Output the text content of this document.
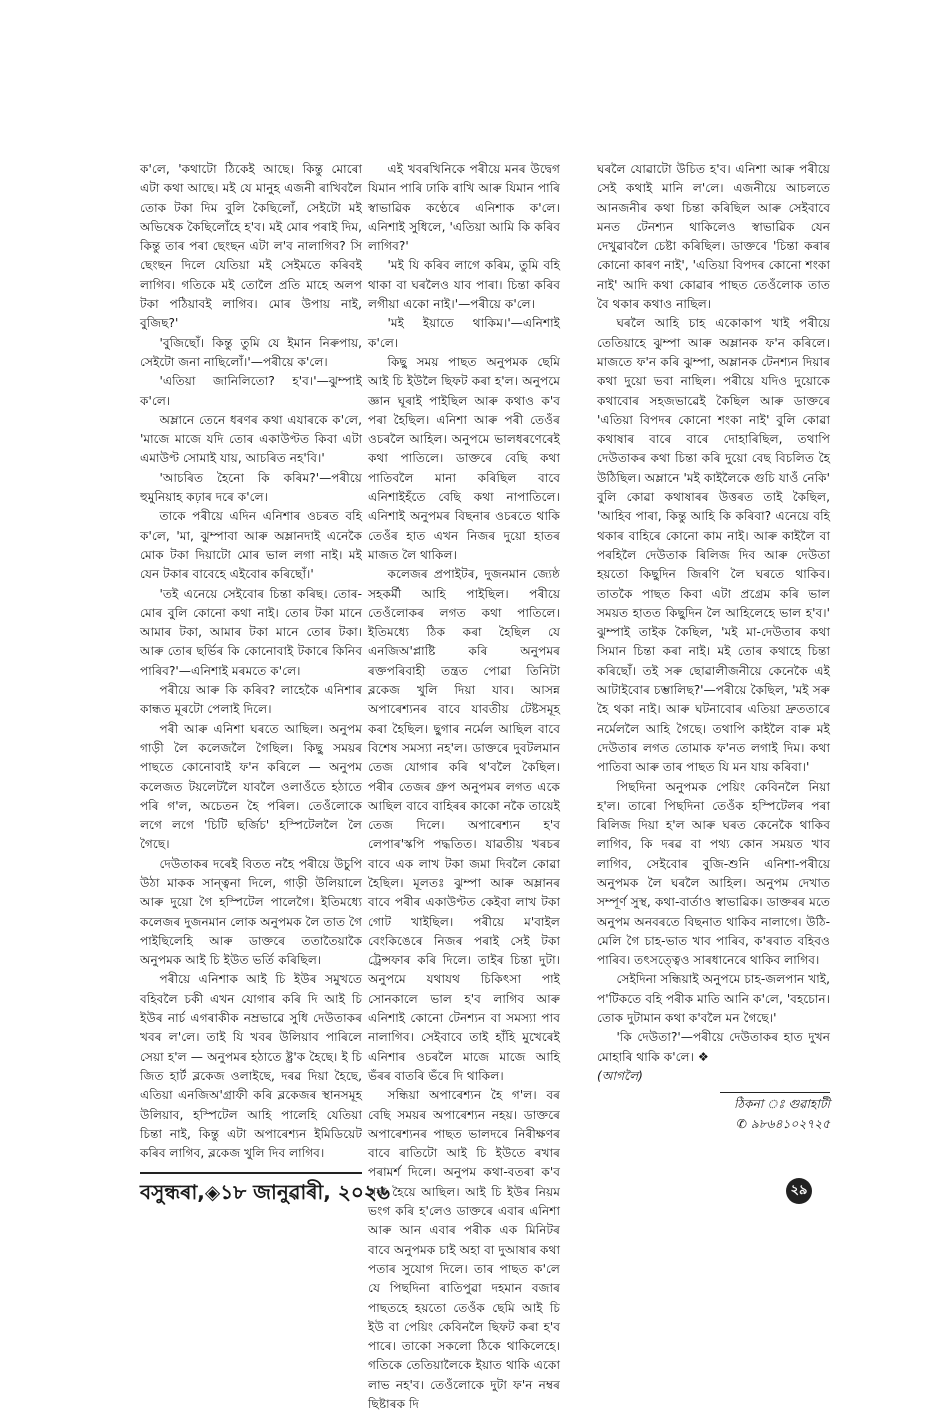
ক'লে, 'কথাটো ঠিকেই আছে। কিন্তু মোৰো এটা কথা আছে। মই যে মানুহ এজনী ৰাখিবলৈ তোক টকা দিম বুলি কৈছিলোঁ, সেইটো মই অভিষেক কৈছিলোঁহে হ'ব। মই মোৰ পৰাই দিম, কিন্তু তাৰ পৰা ছেংছন এটা ল'ব নালাগিব? সি ছেংছন দিলে যেতিয়া মই সেইমতে কৰিবই লাগিব। গতিকে মই তোলৈ প্ৰতি মাহে অলপ টকা পঠিয়াবই লাগিব। মোৰ উপায় নাই, বুজিছ?'

'বুজিছোঁ। কিন্তু তুমি যে ইমান নিৰুপায়, সেইটো জনা নাছিলোঁ।'—পৰীয়ে ক'লে।

'এতিয়া জানিলিতো? হ'ব।'—ঝুম্পাই ক'লে।

অম্লানে তেনে ধৰণৰ কথা এযাৰকে ক'লে, 'মাজে মাজে যদি তোৰ একাউণ্টত কিবা এটা এমাউণ্ট সোমাই যায়, আচৰিত নহ'বি।'

'আচৰিত হৈনো কি কৰিম?'—পৰীয়ে হুমুনিয়াহ কঢ়াৰ দৰে ক'লে।

তাকে পৰীয়ে এদিন এনিশাৰ ওচৰত বহি ক'লে, 'মা, ঝুম্পাবা আৰু অম্লানদাই এনেকৈ মোক টকা দিয়াটো মোৰ ভাল লগা নাই। মই যেন টকাৰ বাবেহে এইবোৰ কৰিছোঁ।'

'তই এনেয়ে সেইবোৰ চিন্তা কৰিছ। তোৰ-মোৰ বুলি কোনো কথা নাই। তোৰ টকা মানে আমাৰ টকা, আমাৰ টকা মানে তোৰ টকা। আৰু তোৰ ছৰ্ভিৰ কি কোনোবাই টকাৰে কিনিব পাৰিব?'—এনিশাই মৰমতে ক'লে।

পৰীয়ে আৰু কি কৰিব? লাহেকৈ এনিশাৰ কান্ধত মূৰটো পেলাই দিলে।

পৰী আৰু এনিশা ঘৰতে আছিল। অনুপম গাড়ী লৈ কলেজলৈ গৈছিল। কিছু সময়ৰ পাছতে কোনোবাই ফ'ন কৰিলে — অনুপম কলেজত টয়লেটলৈ যাবলৈ ওলাওঁতে হঠাতে পৰি গ'ল, অচেতন হৈ পৰিল। তেওঁলোকে লগে লগে 'চিটি ছৰ্জিচ' হস্পিটেললৈ লৈ গৈছে।

দেউতাকৰ দৰেই বিতত নহৈ পৰীয়ে উচুপি উঠা মাকক সান্ত্বনা দিলে, গাড়ী উলিয়ালে আৰু দুয়ো গৈ হস্পিটেল পালেগৈ। ইতিমধ্যে কলেজৰ দুজনমান লোক অনুপমক লৈ তাত গৈ পাইছিলেহি আৰু ডাক্তৰে ততাতৈয়াকৈ অনুপমক আই চি ইউত ভৰ্তি কৰিছিল।

পৰীয়ে এনিশাক আই চি ইউৰ সমুখতে বহিবলৈ চকী এখন যোগাৰ কৰি দি আই চি ইউৰ নাৰ্চ এগৰাকীক নম্ৰভাৱে সুধি দেউতাকৰ খবৰ ল'লে। তাই যি খবৰ উলিয়াব পাৰিলে সেয়া হ'ল — অনুপমৰ হঠাতে ষ্ট্ৰ'ক হৈছে। ই চি জিত হাৰ্ট ব্লকেজ ওলাইছে, দৰৱ দিয়া হৈছে, এতিয়া এনজিঅ'গ্ৰাফী কৰি ব্লকেজৰ স্থানসমূহ উলিয়াব, হস্পিটেল আহি পালেহি যেতিয়া চিন্তা নাই, কিন্তু এটা অপাৰেশ্যন ইমিডিয়েট কৰিব লাগিব, ব্লকেজ খুলি দিব লাগিব।

এই খবৰখিনিকে পৰীয়ে মনৰ উদ্বেগ যিমান পাৰি ঢাকি ৰাখি আৰু যিমান পাৰি স্বাভাৱিক কণ্ঠেৰে এনিশাক ক'লে। এনিশাই সুধিলে, 'এতিয়া আমি কি কৰিব লাগিব?'

'মই যি কৰিব লাগে কৰিম, তুমি বহি থাকা বা ঘৰলৈও যাব পাৰা। চিন্তা কৰিব লগীয়া একো নাই।'—পৰীয়ে ক'লে।

'মই ইয়াতে থাকিম।'—এনিশাই ক'লে।

কিছু সময় পাছত অনুপমক ছেমি আই চি ইউলৈ ছিফট কৰা হ'ল। অনুপমে জ্ঞান ঘূৰাই পাইছিল আৰু কথাও ক'ব পৰা হৈছিল। এনিশা আৰু পৰী তেওঁৰ ওচৰলৈ আহিল। অনুপমে ভালধৰণেৰেই কথা পাতিলে। ডাক্তৰে বেছি কথা পাতিবলৈ মানা কৰিছিল বাবে এনিশাইহঁতে বেছি কথা নাপাতিলে। এনিশাই অনুপমৰ বিছনাৰ ওচৰতে থাকি তেওঁৰ হাত এখন নিজৰ দুয়ো হাতৰ মাজত লৈ থাকিল।

কলেজৰ প্ৰপাইটৰ, দুজনমান জ্যেষ্ঠ সহকৰ্মী আহি পাইছিল। পৰীয়ে তেওঁলোকৰ লগত কথা পাতিলে। ইতিমধ্যে ঠিক কৰা হৈছিল যে এনজিঅ'প্লাষ্টি কৰি অনুপমৰ ৰক্তপৰিবাহী তন্ত্ৰত পোৱা তিনিটা ব্লকেজ খুলি দিয়া যাব। আসন্ন অপাৰেশ্যনৰ বাবে যাবতীয় টেষ্টসমূহ কৰা হৈছিল। ছুগাৰ নৰ্মেল আছিল বাবে বিশেষ সমস্যা নহ'ল। ডাক্তৰে দুবটলমান তেজ যোগাৰ কৰি থ'বলৈ কৈছিল। পৰীৰ তেজৰ গ্ৰুপ অনুপমৰ লগত একে আছিল বাবে বাহিৰৰ কাকো নকৈ তায়েই তেজ দিলে। অপাৰেশ্যন হ'ব লেপাৰ'স্কপি পদ্ধতিত। যাৱতীয় খৰচৰ বাবে এক লাখ টকা জমা দিবলৈ কোৱা হৈছিল। মূলতঃ ঝুম্পা আৰু অম্লানৰ বাবে পৰীৰ একাউণ্টত কেইবা লাখ টকা গোট খাইছিল। পৰীয়ে ম'বাইল বেংকিঙেৰে নিজৰ পৰাই সেই টকা ট্ৰেন্সফাৰ কৰি দিলে। তাইৰ চিন্তা দুটা। অনুপমে যথাযথ চিকিৎসা পাই সোনকালে ভাল হ'ব লাগিব আৰু এনিশাই কোনো টেনশ্যন বা সমস্যা পাব নালাগিব। সেইবাবে তাই হাঁহি মুখেৰেই এনিশাৰ ওচৰলৈ মাজে মাজে আহি ভঁৰৰ বাতৰি ভঁৰে দি থাকিল।

সন্ধিয়া অপাৰেশ্যন হৈ গ'ল। বৰ বেছি সময়ৰ অপাৰেশ্যন নহয়। ডাক্তৰে অপাৰেশ্যনৰ পাছত ভালদৰে নিৰীক্ষণৰ বাবে ৰাতিটো আই চি ইউতে ৰখাৰ পৰামৰ্শ দিলে। অনুপম কথা-বতৰা ক'ব পৰা হৈয়ে আছিল। আই চি ইউৰ নিয়ম ভংগ কৰি হ'লেও ডাক্তৰে এবাৰ এনিশা আৰু আন এবাৰ পৰীক এক মিনিটৰ বাবে অনুপমক চাই অহা বা দুআষাৰ কথা পতাৰ সুযোগ দিলে। তাৰ পাছত ক'লে যে পিছদিনা ৰাতিপুৱা দহমান বজাৰ পাছতহে হয়তো তেওঁক ছেমি আই চি ইউ বা পেয়িং কেবিনলৈ ছিফট কৰা হ'ব পাৰে। তাকো সকলো ঠিকে থাকিলেহে। গতিকে তেতিয়ালৈকে ইয়াত থাকি একো লাভ নহ'ব। তেওঁলোকে দুটা ফ'ন নম্বৰ ছিষ্টাৰক দি

ঘৰলৈ যোৱাটো উচিত হ'ব। এনিশা আৰু পৰীয়ে সেই কথাই মানি ল'লে। এজনীয়ে আচলতে আনজনীৰ কথা চিন্তা কৰিছিল আৰু সেইবাবে মনত টেনশ্যন থাকিলেও স্বাভাৱিক যেন দেখুৱাবলৈ চেষ্টা কৰিছিল। ডাক্তৰে 'চিন্তা কৰাৰ কোনো কাৰণ নাই', 'এতিয়া বিপদৰ কোনো শংকা নাই' আদি কথা কোৱাৰ পাছত তেওঁলোক তাত বৈ থকাৰ কথাও নাছিল।

ঘৰলৈ আহি চাহ একোকাপ খাই পৰীয়ে তেতিয়াহে ঝুম্পা আৰু অম্লানক ফ'ন কৰিলে। মাজতে ফ'ন কৰি ঝুম্পা, অম্লানক টেনশ্যন দিয়াৰ কথা দুয়ো ভবা নাছিল। পৰীয়ে যদিও দুয়োকে কথাবোৰ সহজভাৱেই কৈছিল আৰু ডাক্তৰে 'এতিয়া বিপদৰ কোনো শংকা নাই' বুলি কোৱা কথাষাৰ বাৰে বাৰে দোহাৰিছিল, তথাপি দেউতাকৰ কথা চিন্তা কৰি দুয়ো বেছ বিচলিত হৈ উঠিছিল। অম্লানে 'মই কাইলৈকে গুচি যাওঁ নেকি' বুলি কোৱা কথাষাৰৰ উত্তৰত তাই কৈছিল, 'আহিব পাৰা, কিন্তু আহি কি কৰিবা? এনেয়ে বহি থকাৰ বাহিৰে কোনো কাম নাই। আৰু কাইলৈ বা পৰহিলৈ দেউতাক ৰিলিজ দিব আৰু দেউতা হয়তো কিছুদিন জিৰণি লৈ ঘৰতে থাকিব। তাতকৈ পাছত কিবা এটা প্ৰগ্ৰেম কৰি ভাল সময়ত হাতত কিছুদিন লৈ আহিলেহে ভাল হ'ব।' ঝুম্পাই তাইক কৈছিল, 'মই মা-দেউতাৰ কথা সিমান চিন্তা কৰা নাই। মই তোৰ কথাহে চিন্তা কৰিছোঁ। তই সৰু ছোৱালীজনীয়ে কেনেকৈ এই আটাইবোৰ চম্ভালিছ?'—পৰীয়ে কৈছিল, 'মই সৰু হৈ থকা নাই। আৰু ঘটনাবোৰ এতিয়া দ্ৰুততাৰে নৰ্মেললৈ আহি গৈছে। তথাপি কাইলৈ বাৰু মই দেউতাৰ লগত তোমাক ফ'নত লগাই দিম। কথা পাতিবা আৰু তাৰ পাছত যি মন যায় কৰিবা।'

পিছদিনা অনুপমক পেয়িং কেবিনলৈ নিয়া হ'ল। তাৰো পিছদিনা তেওঁক হস্পিটেলৰ পৰা ৰিলিজ দিয়া হ'ল আৰু ঘৰত কেনেকৈ থাকিব লাগিব, কি দৰৱ বা পথ্য কোন সময়ত খাব লাগিব, সেইবোৰ বুজি-শুনি এনিশা-পৰীয়ে অনুপমক লৈ ঘৰলৈ আহিল। অনুপম দেখাত সম্পূৰ্ণ সুস্থ, কথা-বাৰ্তাও স্বাভাৱিক। ডাক্তৰৰ মতে অনুপম অনবৰতে বিছনাত থাকিব নালাগে। উঠি-মেলি গৈ চাহ-ভাত খাব পাৰিব, ক'ৰবাত বহিবও পাৰিব। তৎসত্ত্বেও সাৰধানেৰে থাকিব লাগিব।

সেইদিনা সন্ধিয়াই অনুপমে চাহ-জলপান খাই, প'টিকতে বহি পৰীক মাতি আনি ক'লে, 'বহচোন। তোক দুটামান কথা ক'বলৈ মন গৈছে।'

'কি দেউতা?'—পৰীয়ে দেউতাকৰ হাত দুখন মোহাৰি থাকি ক'লে। ❖

(আগলৈ)

ঠিকনা ঃ গুৱাহাটী

✆ ৯৮৬৪১০২৭২৫

বসুন্ধৰা,◈১৮ জানুৱাৰী, ২০২৬	২৯
